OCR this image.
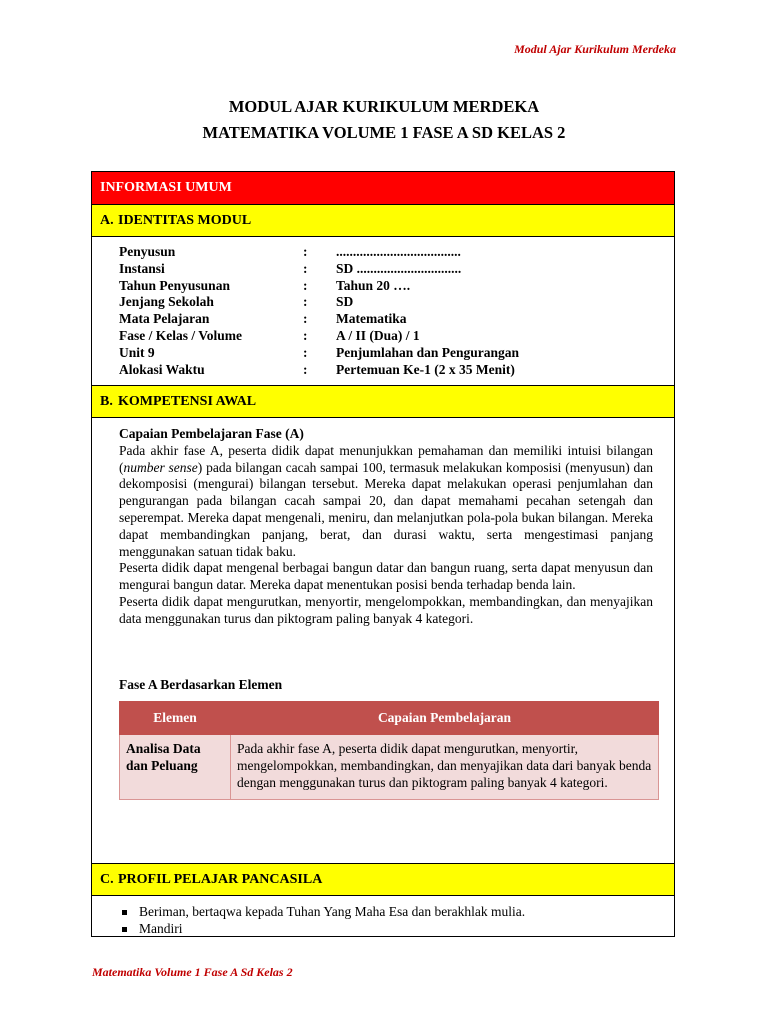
Modul Ajar Kurikulum Merdeka
MODUL AJAR KURIKULUM MERDEKA
MATEMATIKA VOLUME 1 FASE A SD KELAS 2
INFORMASI UMUM
A. IDENTITAS MODUL
Penyusun	: .....................................
Instansi	: SD ...............................
Tahun Penyusunan	: Tahun 20 ….
Jenjang Sekolah	: SD
Mata Pelajaran	: Matematika
Fase / Kelas / Volume	: A / II (Dua) / 1
Unit 9	: Penjumlahan dan Pengurangan
Alokasi Waktu	: Pertemuan Ke-1 (2 x 35 Menit)
B. KOMPETENSI AWAL

Capaian Pembelajaran Fase (A)

Pada akhir fase A, peserta didik dapat menunjukkan pemahaman dan memiliki intuisi bilangan (number sense) pada bilangan cacah sampai 100, termasuk melakukan komposisi (menyusun) dan dekomposisi (mengurai) bilangan tersebut. Mereka dapat melakukan operasi penjumlahan dan pengurangan pada bilangan cacah sampai 20, dan dapat memahami pecahan setengah dan seperempat. Mereka dapat mengenali, meniru, dan melanjutkan pola-pola bukan bilangan. Mereka dapat membandingkan panjang, berat, dan durasi waktu, serta mengestimasi panjang menggunakan satuan tidak baku.

Peserta didik dapat mengenal berbagai bangun datar dan bangun ruang, serta dapat menyusun dan mengurai bangun datar. Mereka dapat menentukan posisi benda terhadap benda lain.

Peserta didik dapat mengurutkan, menyortir, mengelompokkan, membandingkan, dan menyajikan data menggunakan turus dan piktogram paling banyak 4 kategori.

Fase A Berdasarkan Elemen
Elemen	Capaian Pembelajaran
Analisa Data dan Peluang	Pada akhir fase A, peserta didik dapat mengurutkan, menyortir, mengelompokkan, membandingkan, dan menyajikan data dari banyak benda dengan menggunakan turus dan piktogram paling banyak 4 kategori.
C. PROFIL PELAJAR PANCASILA
Beriman, bertaqwa kepada Tuhan Yang Maha Esa dan berakhlak mulia.
Mandiri
Matematika Volume 1 Fase A Sd Kelas 2
